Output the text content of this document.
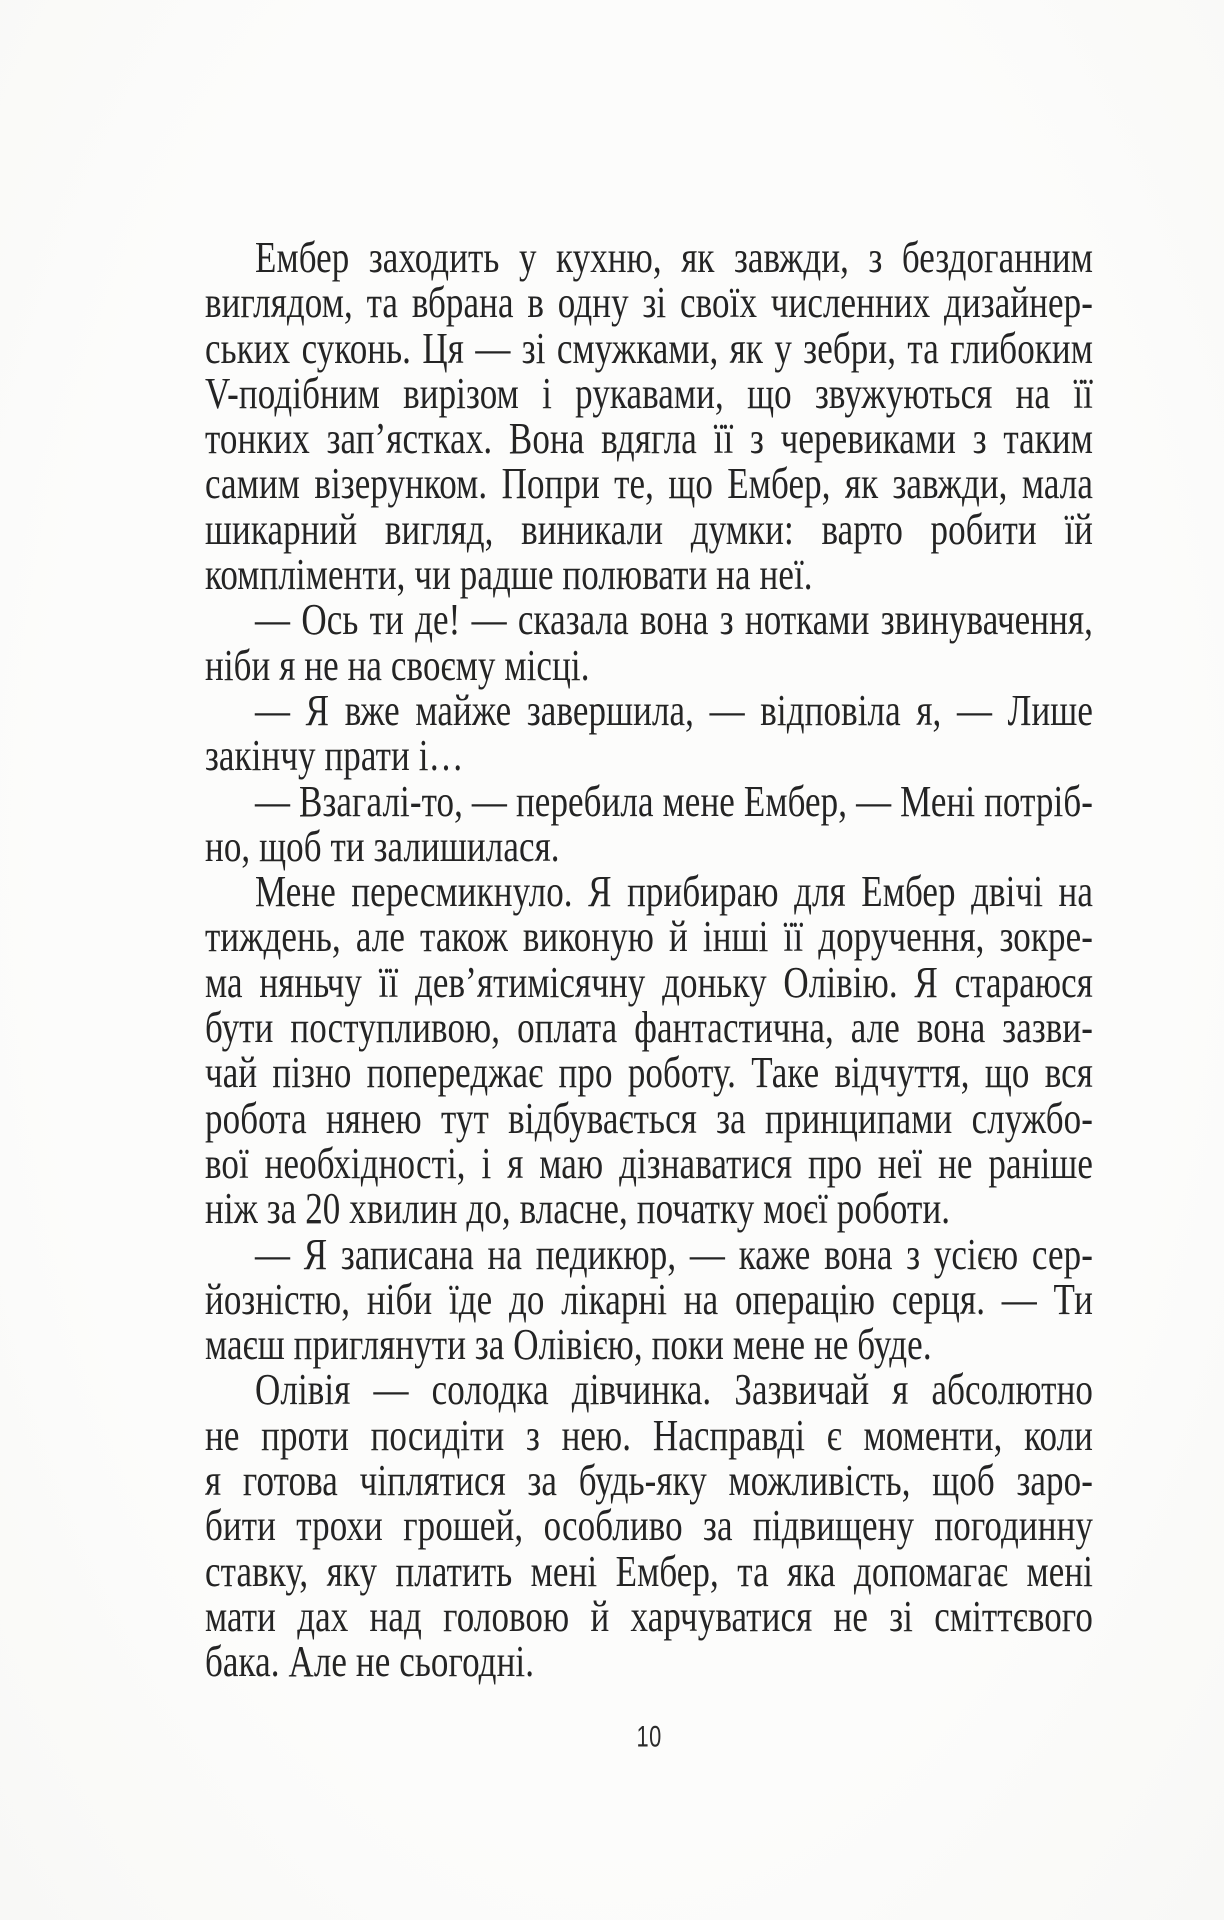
Ембер заходить у кухню, як завжди, з бездоганним

виглядом, та вбрана в одну зі своїх численних дизайнер-

ських суконь. Ця — зі смужками, як у зебри, та глибоким

V-подібним вирізом і рукавами, що звужуються на її

тонких зап’ястках. Вона вдягла її з черевиками з таким

самим візерунком. Попри те, що Ембер, як завжди, мала

шикарний вигляд, виникали думки: варто робити їй

компліменти, чи радше полювати на неї.

— Ось ти де! — сказала вона з нотками звинувачення,

ніби я не на своєму місці.

— Я вже майже завершила, — відповіла я, — Лише

закінчу прати і…

— Взагалі-то, — перебила мене Ембер, — Мені потріб-

но, щоб ти залишилася.

Мене пересмикнуло. Я прибираю для Ембер двічі на

тиждень, але також виконую й інші її доручення, зокре-

ма няньчу її дев’ятимісячну доньку Олівію. Я стараюся

бути поступливою, оплата фантастична, але вона зазви-

чай пізно попереджає про роботу. Таке відчуття, що вся

робота нянею тут відбувається за принципами службо-

вої необхідності, і я маю дізнаватися про неї не раніше

ніж за 20 хвилин до, власне, початку моєї роботи.

— Я записана на педикюр, — каже вона з усією сер-

йозністю, ніби їде до лікарні на операцію серця. — Ти

маєш приглянути за Олівією, поки мене не буде.

Олівія — солодка дівчинка. Зазвичай я абсолютно

не проти посидіти з нею. Насправді є моменти, коли

я готова чіплятися за будь-яку можливість, щоб заро-

бити трохи грошей, особливо за підвищену погодинну

ставку, яку платить мені Ембер, та яка допомагає мені

мати дах над головою й харчуватися не зі сміттєвого

бака. Але не сьогодні.

10
